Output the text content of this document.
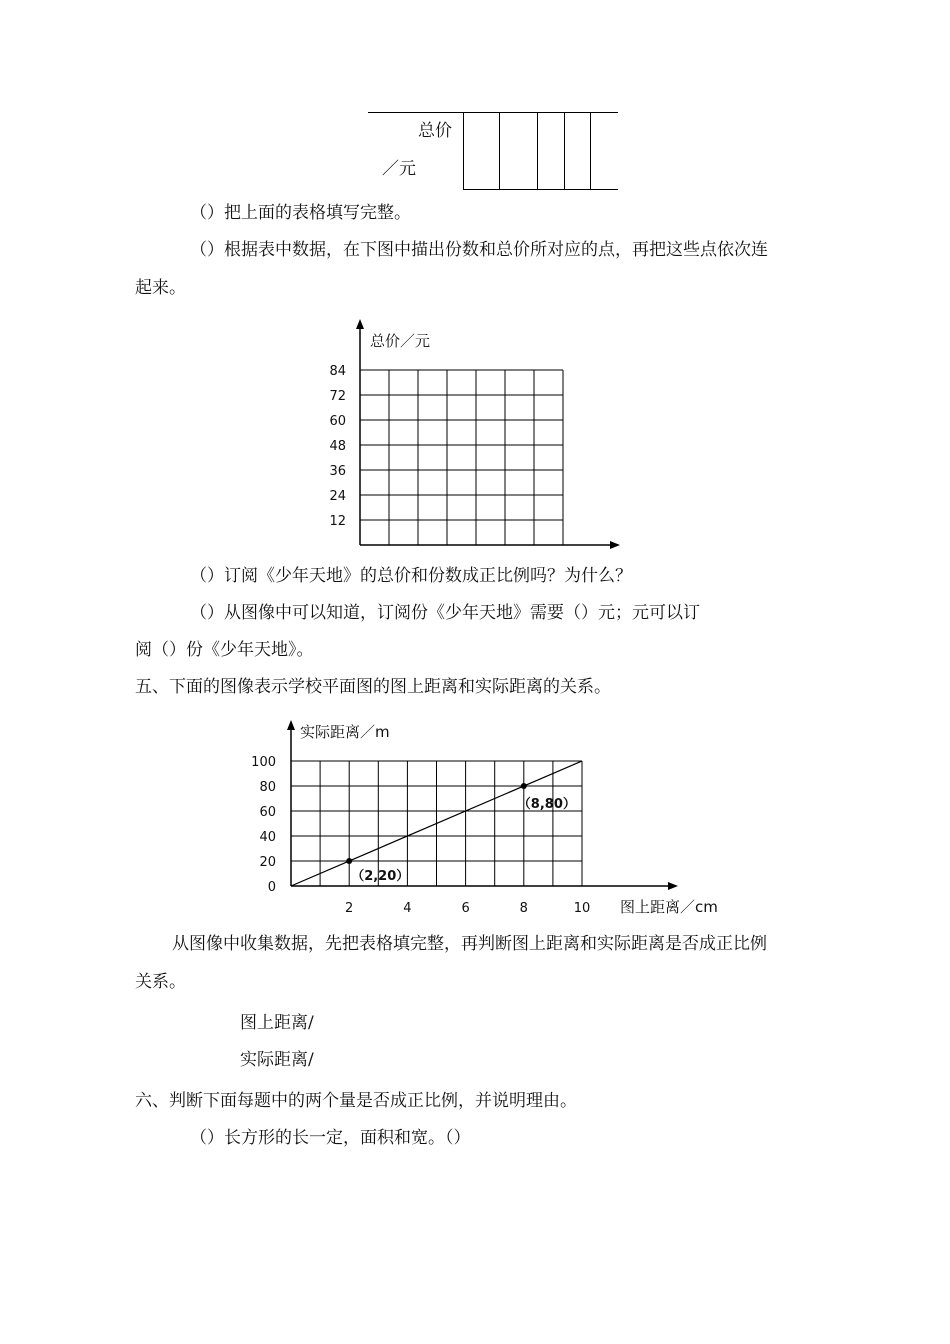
总价
／元
（）把上面的表格填写完整。
（）根据表中数据，在下图中描出份数和总价所对应的点，再把这些点依次连
起来。
总价／元
12
24
36
48
60
72
84
（）订阅《少年天地》的总价和份数成正比例吗？为什么？
（）从图像中可以知道，订阅份《少年天地》需要（）元；元可以订
阅（）份《少年天地》。
五、下面的图像表示学校平面图的图上距离和实际距离的关系。
实际距离／m
图上距离／cm
0
20
40
60
80
100
2	4	6	8	10
（2,20）
（8,80）
从图像中收集数据，先把表格填完整，再判断图上距离和实际距离是否成正比例
关系。
图上距离/
实际距离/
六、判断下面每题中的两个量是否成正比例，并说明理由。
（）长方形的长一定，面积和宽。（）
